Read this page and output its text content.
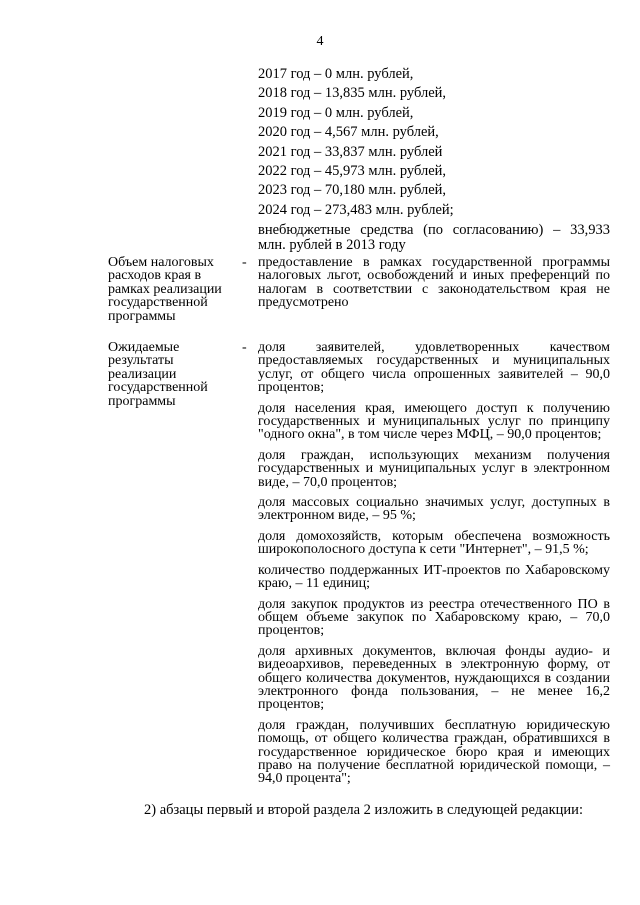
4
2017 год – 0 млн. рублей,
2018 год – 13,835 млн. рублей,
2019 год – 0 млн. рублей,
2020 год – 4,567 млн. рублей,
2021 год – 33,837 млн. рублей
2022 год – 45,973 млн. рублей,
2023 год – 70,180 млн. рублей,
2024 год – 273,483 млн. рублей;
внебюджетные средства (по согласованию) – 33,933 млн. рублей в 2013 году
Объем налоговых расходов края в рамках реализации государственной программы
- предоставление в рамках государственной программы налоговых льгот, освобождений и иных преференций по налогам в соответствии с законодательством края не предусмотрено
Ожидаемые результаты реализации государственной программы
- доля заявителей, удовлетворенных качеством предоставляемых государственных и муниципальных услуг, от общего числа опрошенных заявителей – 90,0 процентов;
доля населения края, имеющего доступ к получению государственных и муниципальных услуг по принципу "одного окна", в том числе через МФЦ, – 90,0 процентов;
доля граждан, использующих механизм получения государственных и муниципальных услуг в электронном виде, – 70,0 процентов;
доля массовых социально значимых услуг, доступных в электронном виде, – 95 %;
доля домохозяйств, которым обеспечена возможность широкополосного доступа к сети "Интернет", – 91,5 %;
количество поддержанных ИТ-проектов по Хабаровскому краю, – 11 единиц;
доля закупок продуктов из реестра отечественного ПО в общем объеме закупок по Хабаровскому краю, – 70,0 процентов;
доля архивных документов, включая фонды аудио- и видеоархивов, переведенных в электронную форму, от общего количества документов, нуждающихся в создании электронного фонда пользования, – не менее 16,2 процентов;
доля граждан, получивших бесплатную юридическую помощь, от общего количества граждан, обратившихся в государственное юридическое бюро края и имеющих право на получение бесплатной юридической помощи, – 94,0 процента";
2) абзацы первый и второй раздела 2 изложить в следующей редакции:
